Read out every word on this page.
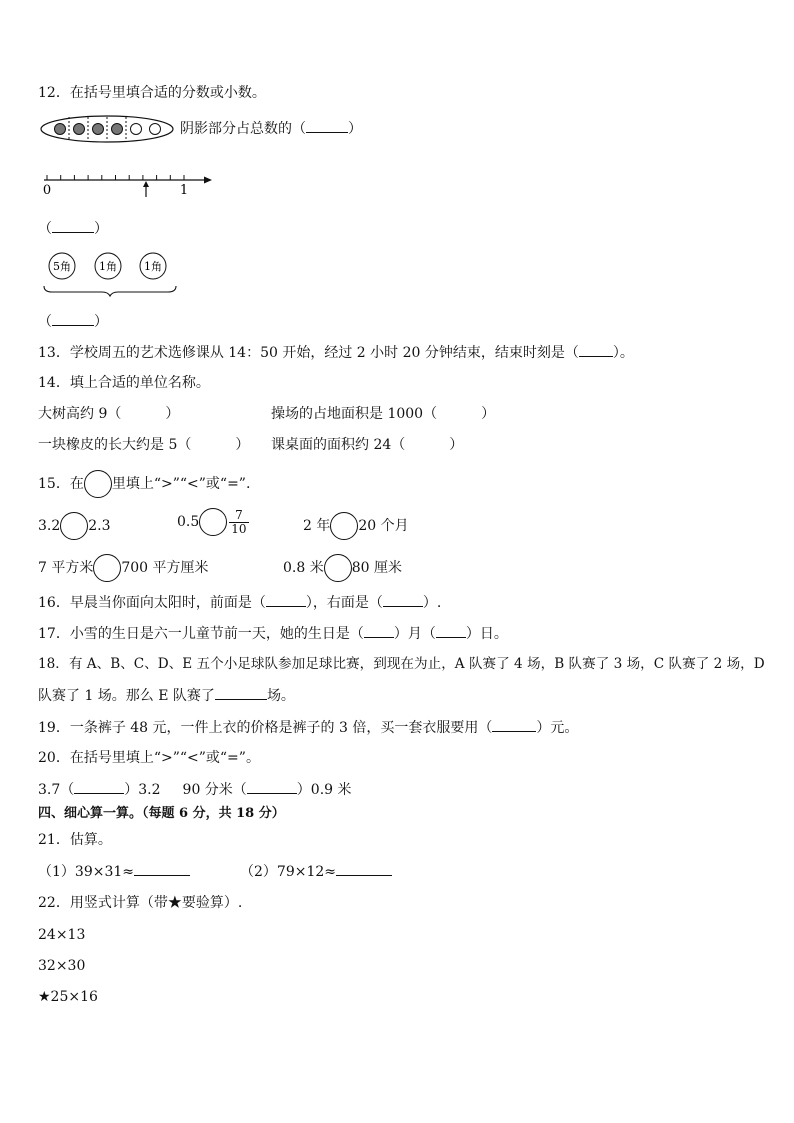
12．在括号里填合适的分数或小数。
阴影部分占总数的（	）
0	1
（	）
5角	1角 1角
（	）
13．学校周五的艺术选修课从 14：50 开始，经过 2 小时 20 分钟结束，结束时刻是（ ）。
14．填上合适的单位名称。
大树高约 9（	）	操场的占地面积是 1000（	）
一块橡皮的长大约是 5（	） 课桌面的面积约 24（	）
15．在 里填上“>”“<”或“=”.
3.2 2.3	0.5	$\frac{7}{10}$	2 年 20 个月
7 平方米 700 平方厘米	0.8 米 80 厘米
16．早晨当你面向太阳时，前面是（	），右面是（	）.
17．小雪的生日是六一儿童节前一天，她的生日是（ ）月（ ）日。
18．有 A、B、C、D、E 五个小足球队参加足球比赛，到现在为止，A 队赛了 4 场，B 队赛了 3 场，C 队赛了 2 场，D
队赛了 1 场。那么 E 队赛了	场。
19．一条裤子 48 元，一件上衣的价格是裤子的 3 倍，买一套衣服要用（	）元。
20．在括号里填上“>”“<”或“=”。
3.7（	）3.2 90 分米（	）0.9 米
四、细心算一算。（每题 6 分，共 18 分）
21．估算。
（1）39×31≈	（2）79×12≈
22．用竖式计算（带★要验算）.
24×13
32×30
★25×16
